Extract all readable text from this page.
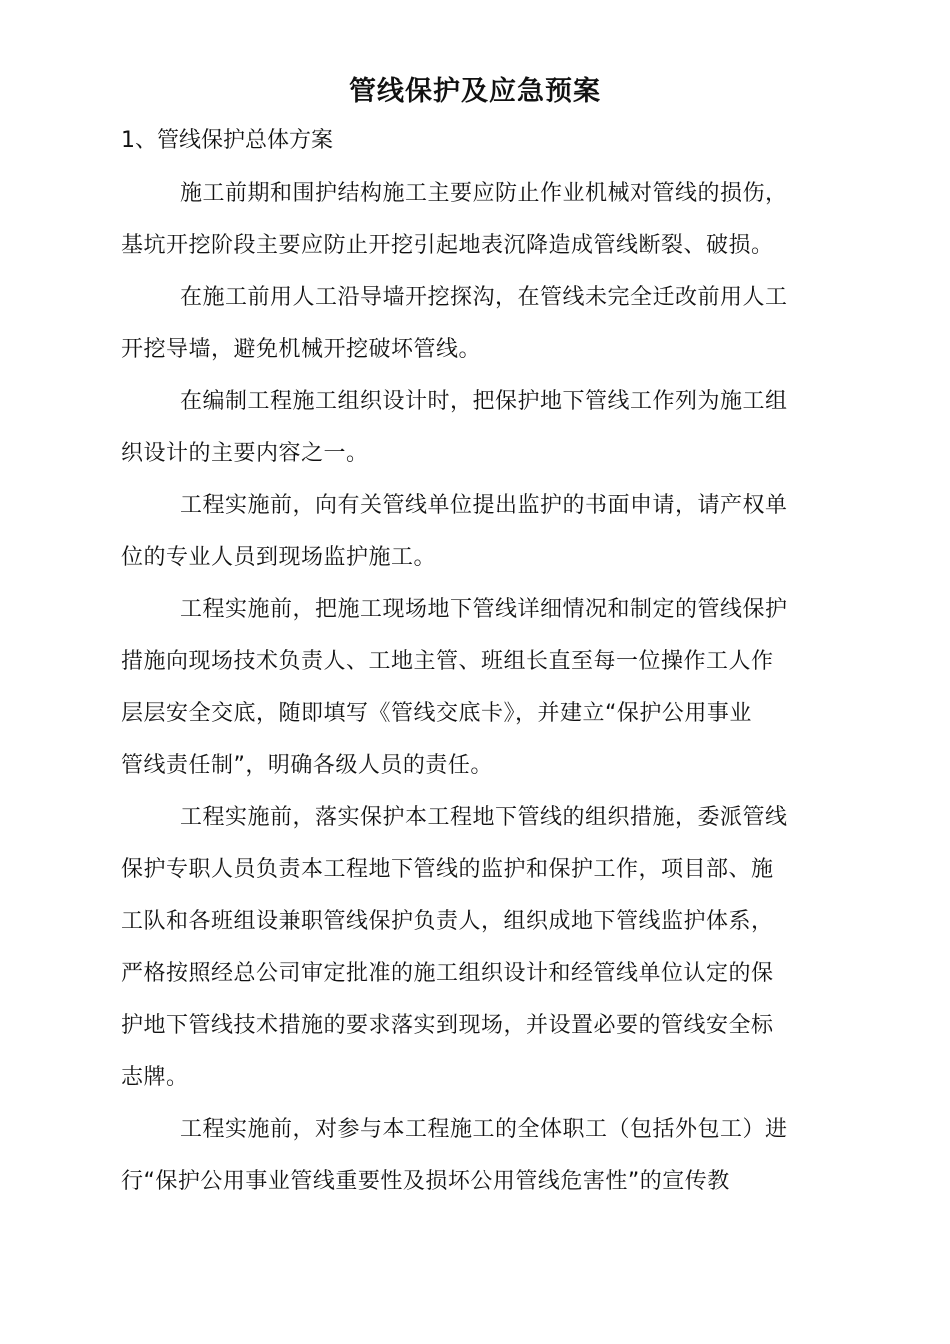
管线保护及应急预案
1、管线保护总体方案

施工前期和围护结构施工主要应防止作业机械对管线的损伤，
基坑开挖阶段主要应防止开挖引起地表沉降造成管线断裂、破损。

在施工前用人工沿导墙开挖探沟，在管线未完全迁改前用人工
开挖导墙，避免机械开挖破坏管线。

在编制工程施工组织设计时，把保护地下管线工作列为施工组
织设计的主要内容之一。

工程实施前，向有关管线单位提出监护的书面申请，请产权单
位的专业人员到现场监护施工。

工程实施前，把施工现场地下管线详细情况和制定的管线保护
措施向现场技术负责人、工地主管、班组长直至每一位操作工人作
层层安全交底，随即填写《管线交底卡》，并建立“保护公用事业
管线责任制”，明确各级人员的责任。

工程实施前，落实保护本工程地下管线的组织措施，委派管线
保护专职人员负责本工程地下管线的监护和保护工作，项目部、施
工队和各班组设兼职管线保护负责人，组织成地下管线监护体系，
严格按照经总公司审定批准的施工组织设计和经管线单位认定的保
护地下管线技术措施的要求落实到现场，并设置必要的管线安全标
志牌。

工程实施前，对参与本工程施工的全体职工（包括外包工）进
行“保护公用事业管线重要性及损坏公用管线危害性”的宣传教
